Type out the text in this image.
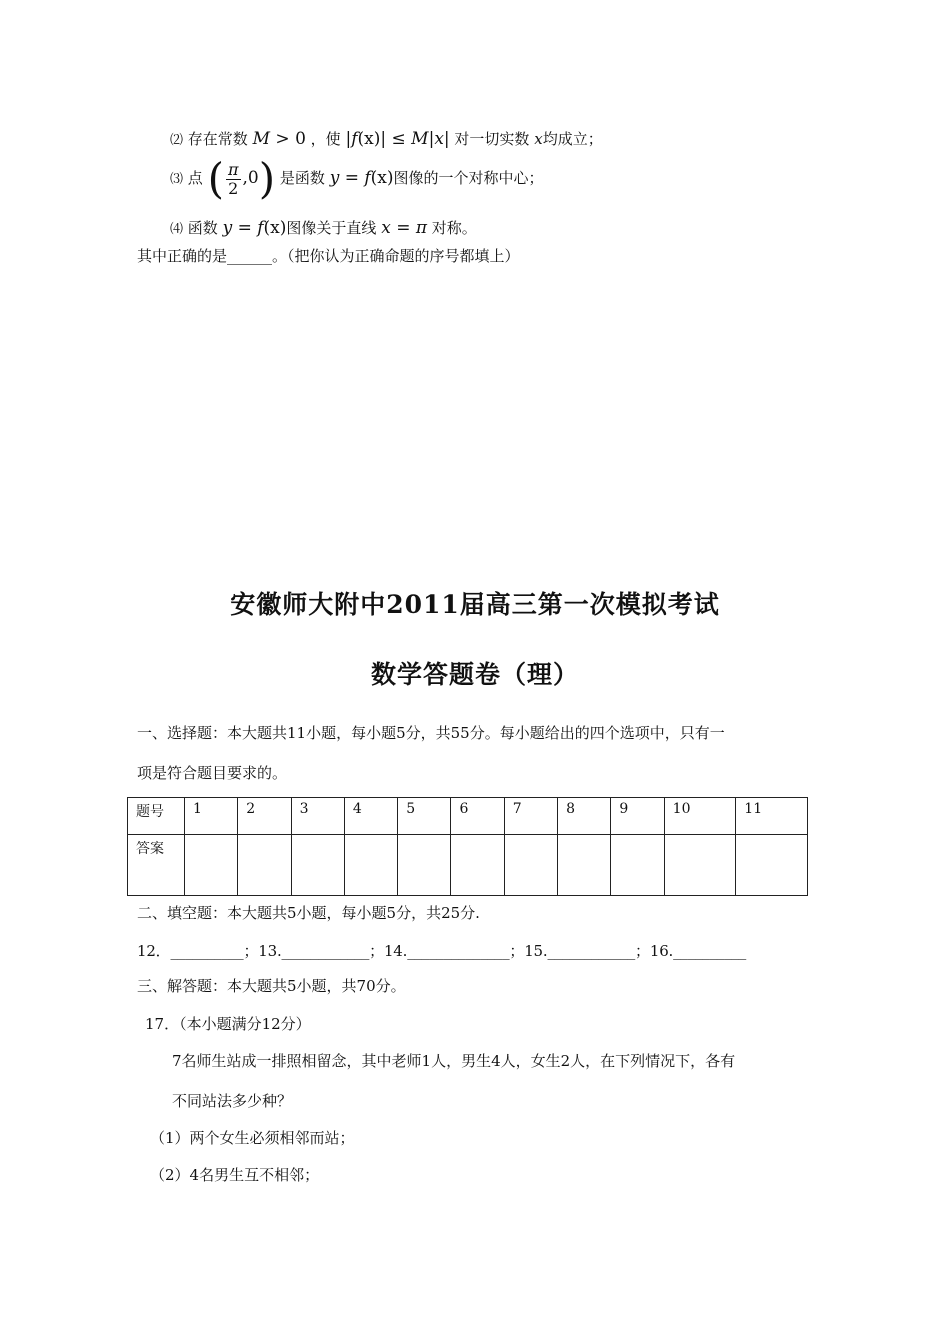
⑵ 存在常数 M > 0 ，使 |f(x)| ≤ M|x| 对一切实数 x均成立；
⑶ 点 ( $\frac{\pi}{2} ,0$) 是函数 y = f(x)图像的一个对称中心；
⑷ 函数 y = f(x)图像关于直线 x = π 对称。
其中正确的是______。（把你认为正确命题的序号都填上）
安徽师大附中2011届高三第一次模拟考试
数学答题卷（理）
一、选择题：本大题共11小题，每小题5分，共55分。每小题给出的四个选项中，只有一
项是符合题目要求的。
题号	1	2	3	4	5	6	7	8	9	10	11
答案											
二、填空题：本大题共5小题，每小题5分，共25分.
12．__________；13.____________；14.______________；15.____________；16.__________
三、解答题：本大题共5小题，共70分。
17．（本小题满分12分）
7名师生站成一排照相留念，其中老师1人，男生4人，女生2人，在下列情况下，各有
不同站法多少种？
（1）两个女生必须相邻而站；
（2）4名男生互不相邻；
